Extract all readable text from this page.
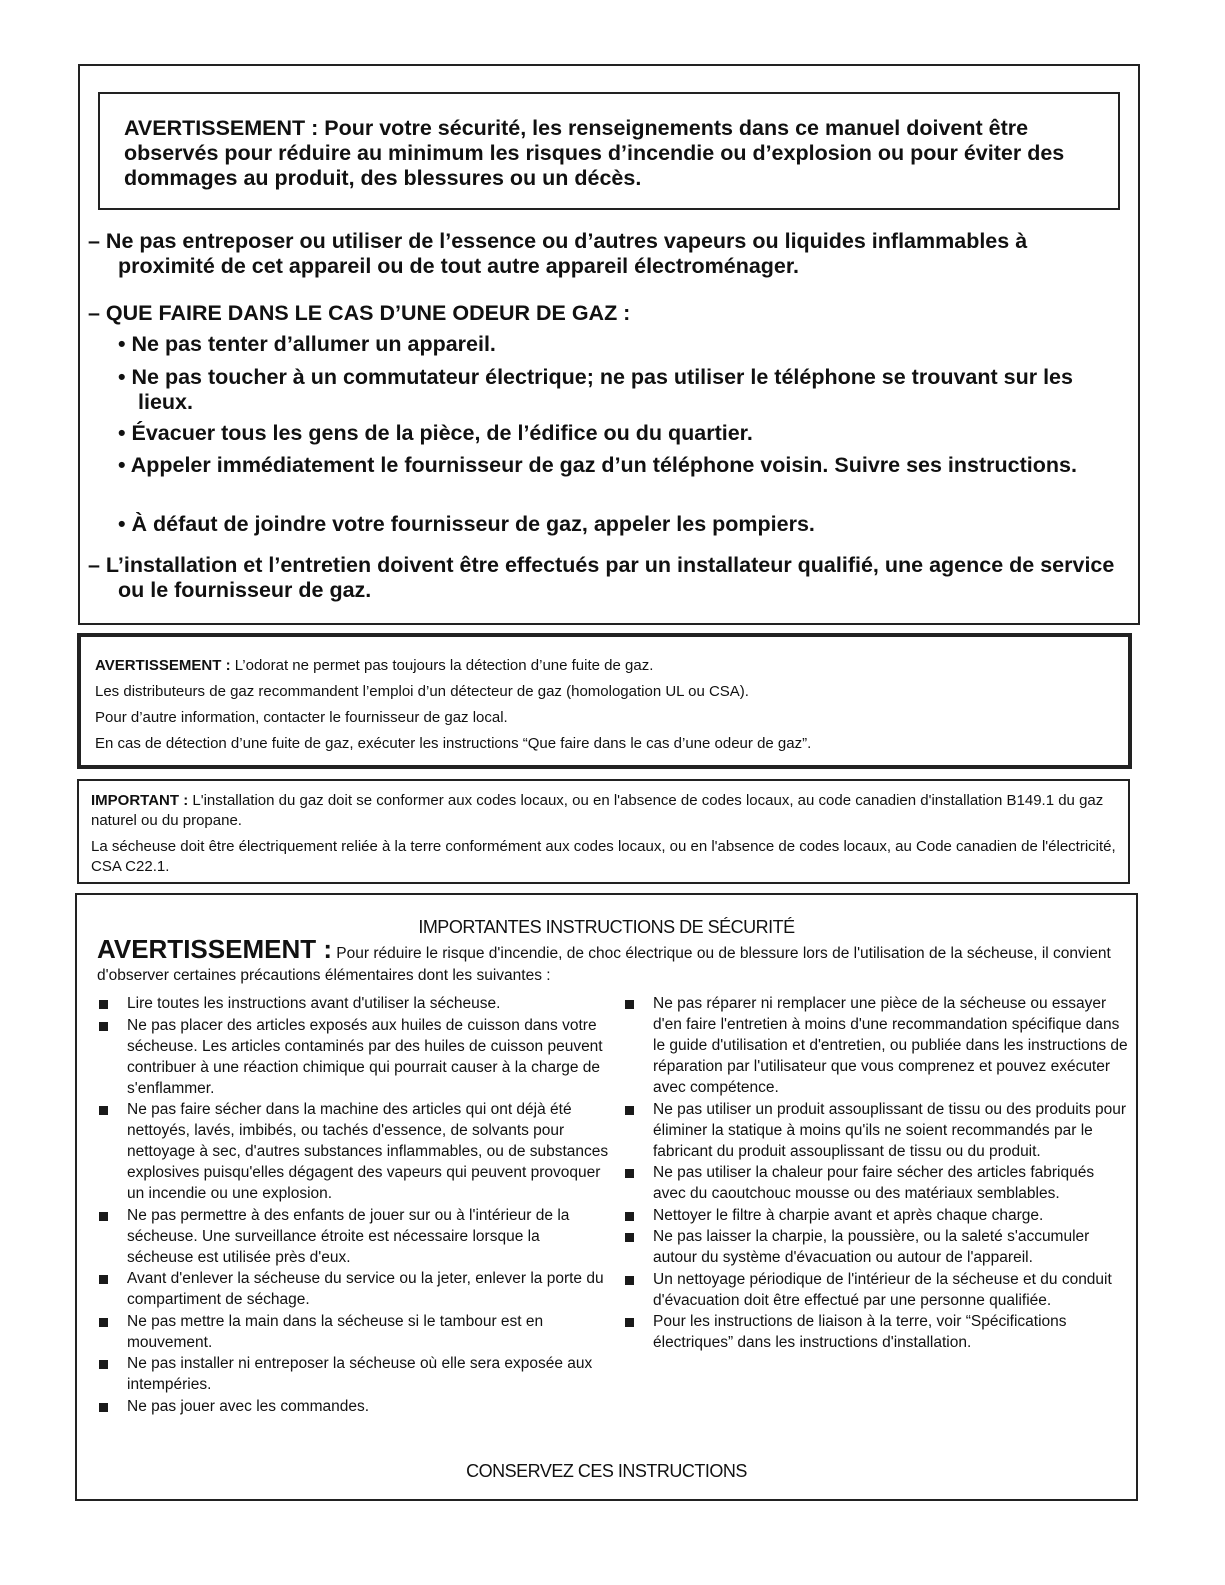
AVERTISSEMENT : Pour votre sécurité, les renseignements dans ce manuel doivent être observés pour réduire au minimum les risques d’incendie ou d’explosion ou pour éviter des dommages au produit, des blessures ou un décès.

– Ne pas entreposer ou utiliser de l’essence ou d’autres vapeurs ou liquides inflammables à proximité de cet appareil ou de tout autre appareil électroménager.
– QUE FAIRE DANS LE CAS D’UNE ODEUR DE GAZ :
• Ne pas tenter d’allumer un appareil.
• Ne pas toucher à un commutateur électrique; ne pas utiliser le téléphone se trouvant sur les lieux.
• Évacuer tous les gens de la pièce, de l’édifice ou du quartier.
• Appeler immédiatement le fournisseur de gaz d’un téléphone voisin. Suivre ses instructions.
• À défaut de joindre votre fournisseur de gaz, appeler les pompiers.
– L’installation et l’entretien doivent être effectués par un installateur qualifié, une agence de service ou le fournisseur de gaz.

AVERTISSEMENT : L’odorat ne permet pas toujours la détection d’une fuite de gaz.

Les distributeurs de gaz recommandent l’emploi d’un détecteur de gaz (homologation UL ou CSA).

Pour d’autre information, contacter le fournisseur de gaz local.

En cas de détection d’une fuite de gaz, exécuter les instructions “Que faire dans le cas d’une odeur de gaz”.

IMPORTANT : L'installation du gaz doit se conformer aux codes locaux, ou en l'absence de codes locaux, au code canadien d'installation B149.1 du gaz naturel ou du propane.

La sécheuse doit être électriquement reliée à la terre conformément aux codes locaux, ou en l'absence de codes locaux, au Code canadien de l'électricité, CSA C22.1.

IMPORTANTES INSTRUCTIONS DE SÉCURITÉ
AVERTISSEMENT : Pour réduire le risque d'incendie, de choc électrique ou de blessure lors de l'utilisation de la sécheuse, il convient d'observer certaines précautions élémentaires dont les suivantes :
Lire toutes les instructions avant d'utiliser la sécheuse.
Ne pas placer des articles exposés aux huiles de cuisson dans votre sécheuse. Les articles contaminés par des huiles de cuisson peuvent contribuer à une réaction chimique qui pourrait causer à la charge de s'enflammer.
Ne pas faire sécher dans la machine des articles qui ont déjà été nettoyés, lavés, imbibés, ou tachés d'essence, de solvants pour nettoyage à sec, d'autres substances inflammables, ou de substances explosives puisqu'elles dégagent des vapeurs qui peuvent provoquer un incendie ou une explosion.
Ne pas permettre à des enfants de jouer sur ou à l'intérieur de la sécheuse. Une surveillance étroite est nécessaire lorsque la sécheuse est utilisée près d'eux.
Avant d'enlever la sécheuse du service ou la jeter, enlever la porte du compartiment de séchage.
Ne pas mettre la main dans la sécheuse si le tambour est en mouvement.
Ne pas installer ni entreposer la sécheuse où elle sera exposée aux intempéries.
Ne pas jouer avec les commandes.
Ne pas réparer ni remplacer une pièce de la sécheuse ou essayer d'en faire l'entretien à moins d'une recommandation spécifique dans le guide d'utilisation et d'entretien, ou publiée dans les instructions de réparation par l'utilisateur que vous comprenez et pouvez exécuter avec compétence.
Ne pas utiliser un produit assouplissant de tissu ou des produits pour éliminer la statique à moins qu'ils ne soient recommandés par le fabricant du produit assouplissant de tissu ou du produit.
Ne pas utiliser la chaleur pour faire sécher des articles fabriqués avec du caoutchouc mousse ou des matériaux semblables.
Nettoyer le filtre à charpie avant et après chaque charge.
Ne pas laisser la charpie, la poussière, ou la saleté s'accumuler autour du système d'évacuation ou autour de l'appareil.
Un nettoyage périodique de l'intérieur de la sécheuse et du conduit d'évacuation doit être effectué par une personne qualifiée.
Pour les instructions de liaison à la terre, voir “Spécifications électriques” dans les instructions d'installation.
CONSERVEZ CES INSTRUCTIONS
